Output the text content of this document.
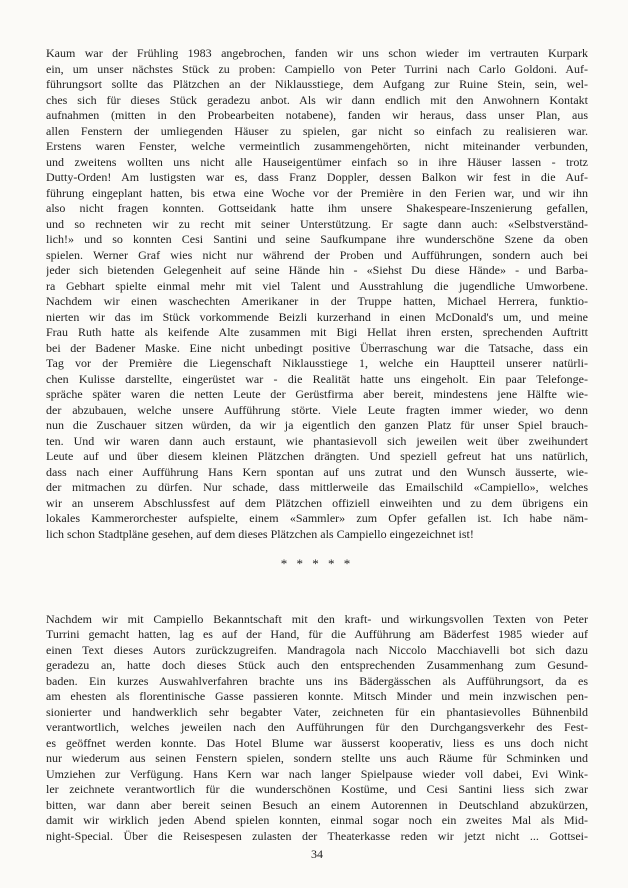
Kaum war der Frühling 1983 angebrochen, fanden wir uns schon wieder im vertrauten Kurpark
ein, um unser nächstes Stück zu proben: Campiello von Peter Turrini nach Carlo Goldoni. Auf-
führungsort sollte das Plätzchen an der Niklausstiege, dem Aufgang zur Ruine Stein, sein, wel-
ches sich für dieses Stück geradezu anbot. Als wir dann endlich mit den Anwohnern Kontakt
aufnahmen (mitten in den Probearbeiten notabene), fanden wir heraus, dass unser Plan, aus
allen Fenstern der umliegenden Häuser zu spielen, gar nicht so einfach zu realisieren war.
Erstens waren Fenster, welche vermeintlich zusammengehörten, nicht miteinander verbunden,
und zweitens wollten uns nicht alle Hauseigentümer einfach so in ihre Häuser lassen - trotz
Dutty-Orden! Am lustigsten war es, dass Franz Doppler, dessen Balkon wir fest in die Auf-
führung eingeplant hatten, bis etwa eine Woche vor der Première in den Ferien war, und wir ihn
also nicht fragen konnten. Gottseidank hatte ihm unsere Shakespeare-Inszenierung gefallen,
und so rechneten wir zu recht mit seiner Unterstützung. Er sagte dann auch: «Selbstverständ-
lich!» und so konnten Cesi Santini und seine Saufkumpane ihre wunderschöne Szene da oben
spielen. Werner Graf wies nicht nur während der Proben und Aufführungen, sondern auch bei
jeder sich bietenden Gelegenheit auf seine Hände hin - «Siehst Du diese Hände» - und Barba-
ra Gebhart spielte einmal mehr mit viel Talent und Ausstrahlung die jugendliche Umworbene.
Nachdem wir einen waschechten Amerikaner in der Truppe hatten, Michael Herrera, funktio-
nierten wir das im Stück vorkommende Beizli kurzerhand in einen McDonald's um, und meine
Frau Ruth hatte als keifende Alte zusammen mit Bigi Hellat ihren ersten, sprechenden Auftritt
bei der Badener Maske. Eine nicht unbedingt positive Überraschung war die Tatsache, dass ein
Tag vor der Première die Liegenschaft Niklausstiege 1, welche ein Hauptteil unserer natürli-
chen Kulisse darstellte, eingerüstet war - die Realität hatte uns eingeholt. Ein paar Telefonge-
spräche später waren die netten Leute der Gerüstfirma aber bereit, mindestens jene Hälfte wie-
der abzubauen, welche unsere Aufführung störte. Viele Leute fragten immer wieder, wo denn
nun die Zuschauer sitzen würden, da wir ja eigentlich den ganzen Platz für unser Spiel brauch-
ten. Und wir waren dann auch erstaunt, wie phantasievoll sich jeweilen weit über zweihundert
Leute auf und über diesem kleinen Plätzchen drängten. Und speziell gefreut hat uns natürlich,
dass nach einer Aufführung Hans Kern spontan auf uns zutrat und den Wunsch äusserte, wie-
der mitmachen zu dürfen. Nur schade, dass mittlerweile das Emailschild «Campiello», welches
wir an unserem Abschlussfest auf dem Plätzchen offiziell einweihten und zu dem übrigens ein
lokales Kammerorchester aufspielte, einem «Sammler» zum Opfer gefallen ist. Ich habe näm-
lich schon Stadtpläne gesehen, auf dem dieses Plätzchen als Campiello eingezeichnet ist!
* * * * *
Nachdem wir mit Campiello Bekanntschaft mit den kraft- und wirkungsvollen Texten von Peter
Turrini gemacht hatten, lag es auf der Hand, für die Aufführung am Bäderfest 1985 wieder auf
einen Text dieses Autors zurückzugreifen. Mandragola nach Niccolo Macchiavelli bot sich dazu
geradezu an, hatte doch dieses Stück auch den entsprechenden Zusammenhang zum Gesund-
baden. Ein kurzes Auswahlverfahren brachte uns ins Bädergässchen als Aufführungsort, da es
am ehesten als florentinische Gasse passieren konnte. Mitsch Minder und mein inzwischen pen-
sionierter und handwerklich sehr begabter Vater, zeichneten für ein phantasievolles Bühnenbild
verantwortlich, welches jeweilen nach den Aufführungen für den Durchgangsverkehr des Fest-
es geöffnet werden konnte. Das Hotel Blume war äusserst kooperativ, liess es uns doch nicht
nur wiederum aus seinen Fenstern spielen, sondern stellte uns auch Räume für Schminken und
Umziehen zur Verfügung. Hans Kern war nach langer Spielpause wieder voll dabei, Evi Wink-
ler zeichnete verantwortlich für die wunderschönen Kostüme, und Cesi Santini liess sich zwar
bitten, war dann aber bereit seinen Besuch an einem Autorennen in Deutschland abzukürzen,
damit wir wirklich jeden Abend spielen konnten, einmal sogar noch ein zweites Mal als Mid-
night-Special. Über die Reisespesen zulasten der Theaterkasse reden wir jetzt nicht ... Gottsei-
34
